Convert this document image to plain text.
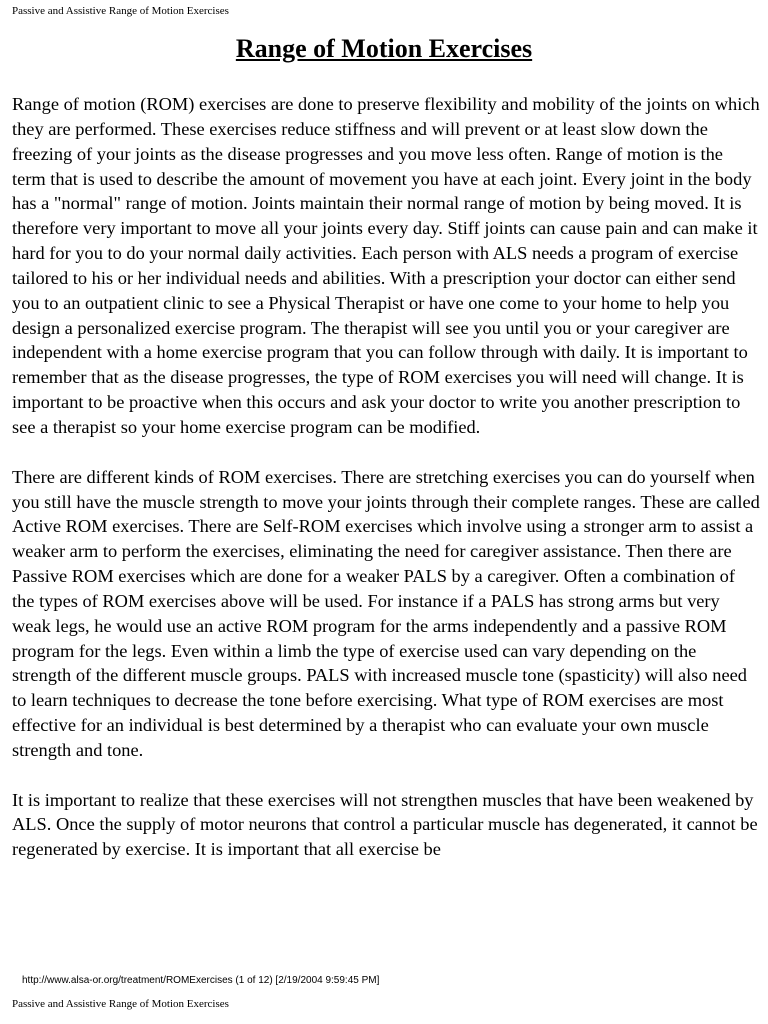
Passive and Assistive Range of Motion Exercises
Range of Motion Exercises

Range of motion (ROM) exercises are done to preserve flexibility and mobility of the joints on which they are performed. These exercises reduce stiffness and will prevent or at least slow down the freezing of your joints as the disease progresses and you move less often. Range of motion is the term that is used to describe the amount of movement you have at each joint. Every joint in the body has a "normal" range of motion. Joints maintain their normal range of motion by being moved. It is therefore very important to move all your joints every day. Stiff joints can cause pain and can make it hard for you to do your normal daily activities. Each person with ALS needs a program of exercise tailored to his or her individual needs and abilities. With a prescription your doctor can either send you to an outpatient clinic to see a Physical Therapist or have one come to your home to help you design a personalized exercise program. The therapist will see you until you or your caregiver are independent with a home exercise program that you can follow through with daily. It is important to remember that as the disease progresses, the type of ROM exercises you will need will change. It is important to be proactive when this occurs and ask your doctor to write you another prescription to see a therapist so your home exercise program can be modified.

There are different kinds of ROM exercises. There are stretching exercises you can do yourself when you still have the muscle strength to move your joints through their complete ranges. These are called Active ROM exercises. There are Self-ROM exercises which involve using a stronger arm to assist a weaker arm to perform the exercises, eliminating the need for caregiver assistance. Then there are Passive ROM exercises which are done for a weaker PALS by a caregiver. Often a combination of the types of ROM exercises above will be used. For instance if a PALS has strong arms but very weak legs, he would use an active ROM program for the arms independently and a passive ROM program for the legs. Even within a limb the type of exercise used can vary depending on the strength of the different muscle groups. PALS with increased muscle tone (spasticity) will also need to learn techniques to decrease the tone before exercising. What type of ROM exercises are most effective for an individual is best determined by a therapist who can evaluate your own muscle strength and tone.

It is important to realize that these exercises will not strengthen muscles that have been weakened by ALS. Once the supply of motor neurons that control a particular muscle has degenerated, it cannot be regenerated by exercise. It is important that all exercise be

http://www.alsa-or.org/treatment/ROMExercises (1 of 12) [2/19/2004 9:59:45 PM]
Passive and Assistive Range of Motion Exercises
